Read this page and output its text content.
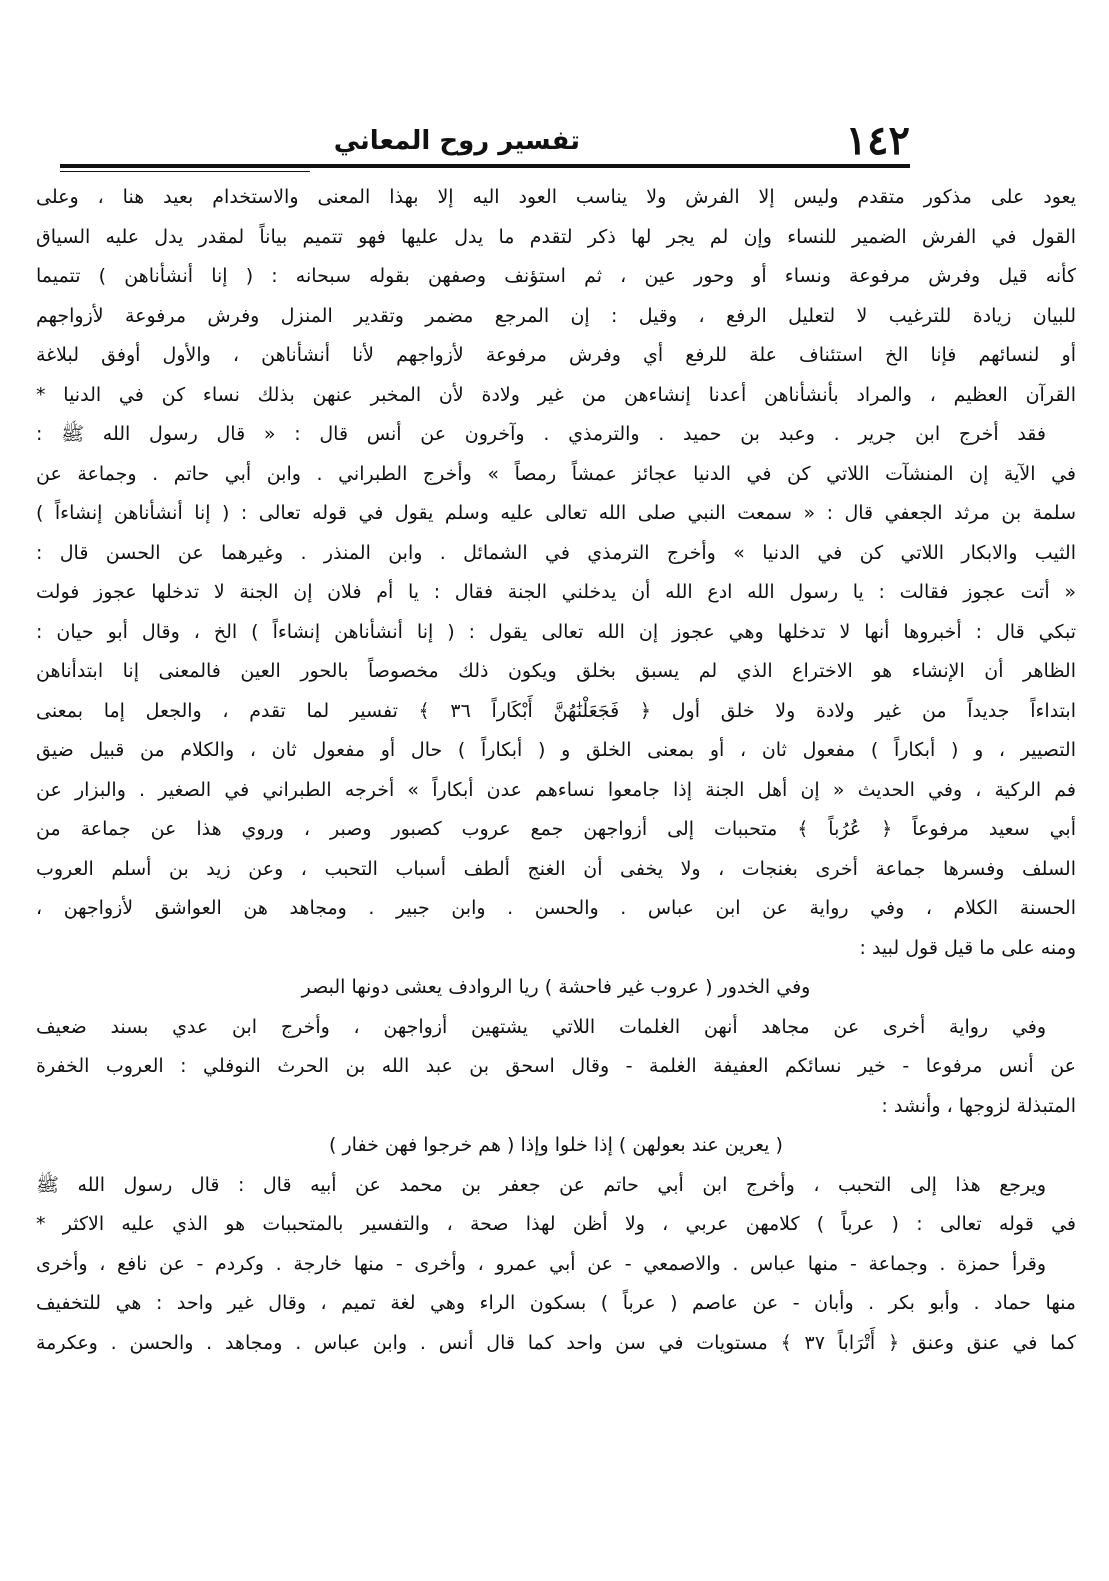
١٤٢
تفسير روح المعاني
يعود على مذكور متقدم وليس إلا الفرش ولا يناسب العود اليه إلا بهذا المعنى والاستخدام بعيد هنا ، وعلى
القول في الفرش الضمير للنساء وإن لم يجر لها ذكر لتقدم ما يدل عليها فهو تتميم بياناً لمقدر يدل عليه السياق
كأنه قيل وفرش مرفوعة ونساء أو وحور عين ، ثم استؤنف وصفهن بقوله سبحانه : ( إنا أنشأناهن ) تتميما
للبيان زيادة للترغيب لا لتعليل الرفع ، وقيل : إن المرجع مضمر وتقدير المنزل وفرش مرفوعة لأزواجهم
أو لنسائهم فإنا الخ استئناف علة للرفع أي وفرش مرفوعة لأزواجهم لأنا أنشأناهن ، والأول أوفق لبلاغة
القرآن العظيم ، والمراد بأنشأناهن أعدنا إنشاءهن من غير ولادة لأن المخبر عنهن بذلك نساء كن في الدنيا *
فقد أخرج ابن جرير . وعبد بن حميد . والترمذي . وآخرون عن أنس قال : « قال رسول الله ﷺ :
في الآية إن المنشآت اللاتي كن في الدنيا عجائز عمشاً رمصاً » وأخرج الطبراني . وابن أبي حاتم . وجماعة عن
سلمة بن مرثد الجعفي قال : « سمعت النبي صلى الله تعالى عليه وسلم يقول في قوله تعالى : ( إنا أنشأناهن إنشاءاً )
الثيب والابكار اللاتي كن في الدنيا » وأخرج الترمذي في الشمائل . وابن المنذر . وغيرهما عن الحسن قال :
« أتت عجوز فقالت : يا رسول الله ادع الله أن يدخلني الجنة فقال : يا أم فلان إن الجنة لا تدخلها عجوز فولت
تبكي قال : أخبروها أنها لا تدخلها وهي عجوز إن الله تعالى يقول : ( إنا أنشأناهن إنشاءاً ) الخ ، وقال أبو حيان :
الظاهر أن الإنشاء هو الاختراع الذي لم يسبق بخلق ويكون ذلك مخصوصاً بالحور العين فالمعنى إنا ابتدأناهن
ابتداءاً جديداً من غير ولادة ولا خلق أول ﴿ فَجَعَلْنَٰهُنَّ أَبْكَاراً ٣٦ ﴾ تفسير لما تقدم ، والجعل إما بمعنى
التصيير ، و ( أبكاراً ) مفعول ثان ، أو بمعنى الخلق و ( أبكاراً ) حال أو مفعول ثان ، والكلام من قبيل ضيق
فم الركية ، وفي الحديث « إن أهل الجنة إذا جامعوا نساءهم عدن أبكاراً » أخرجه الطبراني في الصغير . والبزار عن
أبي سعيد مرفوعاً ﴿ عُرُباً ﴾ متحببات إلى أزواجهن جمع عروب كصبور وصبر ، وروي هذا عن جماعة من
السلف وفسرها جماعة أخرى بغنجات ، ولا يخفى أن الغنج ألطف أسباب التحبب ، وعن زيد بن أسلم العروب
الحسنة الكلام ، وفي رواية عن ابن عباس . والحسن . وابن جبير . ومجاهد هن العواشق لأزواجهن ،
ومنه على ما قيل قول لبيد :
وفي الخدور ( عروب غير فاحشة ) ريا الروادف يعشى دونها البصر
وفي رواية أخرى عن مجاهد أنهن الغلمات اللاتي يشتهين أزواجهن ، وأخرج ابن عدي بسند ضعيف
عن أنس مرفوعا - خير نسائكم العفيفة الغلمة - وقال اسحق بن عبد الله بن الحرث النوفلي : العروب الخفرة
المتبذلة لزوجها ، وأنشد :
( يعرين عند بعولهن ) إذا خلوا وإذا ( هم خرجوا فهن خفار )
ويرجع هذا إلى التحبب ، وأخرج ابن أبي حاتم عن جعفر بن محمد عن أبيه قال : قال رسول الله ﷺ
في قوله تعالى : ( عرباً ) كلامهن عربي ، ولا أظن لهذا صحة ، والتفسير بالمتحببات هو الذي عليه الاكثر *
وقرأ حمزة . وجماعة - منها عباس . والاصمعي - عن أبي عمرو ، وأخرى - منها خارجة . وكردم - عن نافع ، وأخرى
منها حماد . وأبو بكر . وأبان - عن عاصم ( عرباً ) بسكون الراء وهي لغة تميم ، وقال غير واحد : هي للتخفيف
كما في عنق وعنق ﴿ أَتْرَاباً ٣٧ ﴾ مستويات في سن واحد كما قال أنس . وابن عباس . ومجاهد . والحسن . وعكرمة
